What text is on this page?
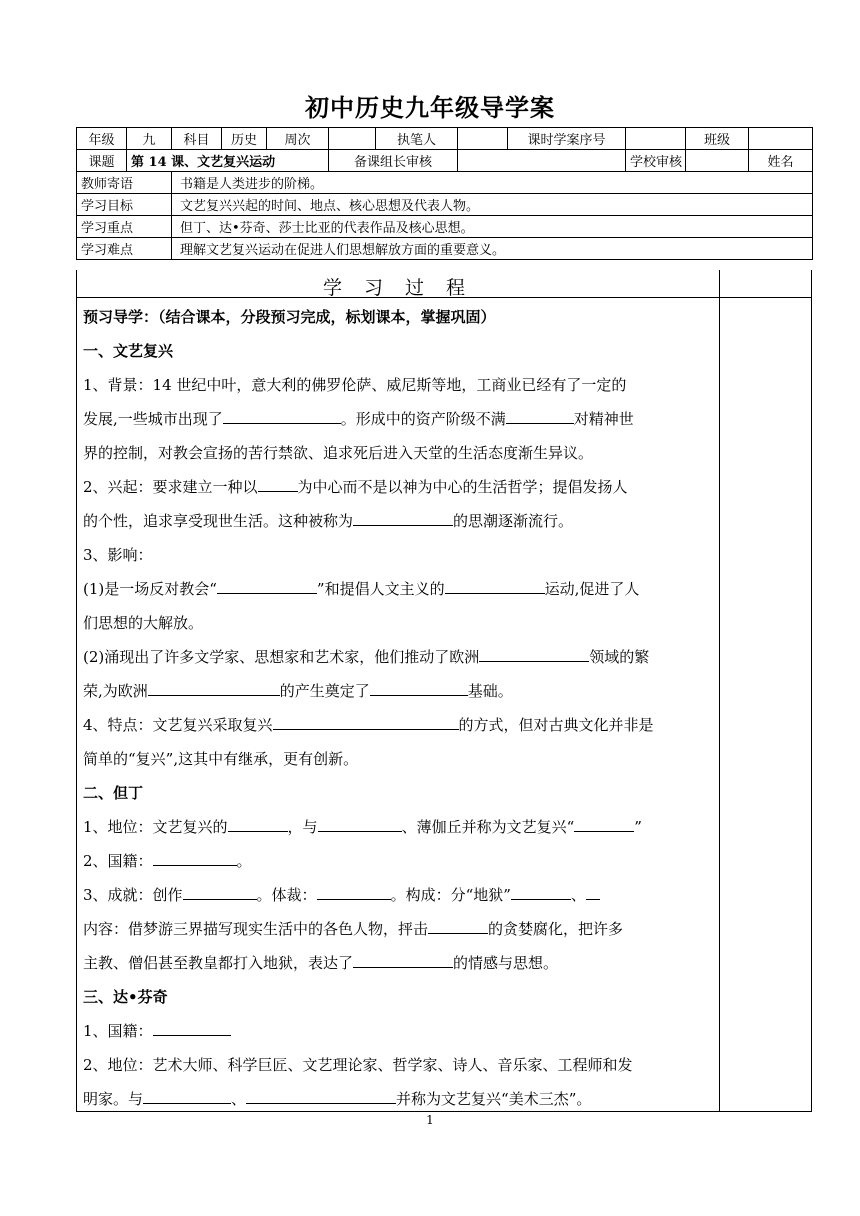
初中历史九年级导学案
年级	九	科目	历史	周次		执笔人		课时学案序号		班级		
课题	第 14 课、文艺复兴运动				备课组长审核				学校审核		姓名	
教师寄语		书籍是人类进步的阶梯。										
学习目标		文艺复兴兴起的时间、地点、核心思想及代表人物。										
学习重点		但丁、达•芬奇、莎士比亚的代表作品及核心思想。										
学习难点		理解文艺复兴运动在促进人们思想解放方面的重要意义。										
学 习 过 程

预习导学：（结合课本，分段预习完成，标划课本，掌握巩固）

一、文艺复兴

1、背景：14 世纪中叶，意大利的佛罗伦萨、威尼斯等地，工商业已经有了一定的

发展,一些城市出现了	。形成中的资产阶级不满	对精神世

界的控制，对教会宣扬的苦行禁欲、追求死后进入天堂的生活态度渐生异议。

2、兴起：要求建立一种以	为中心而不是以神为中心的生活哲学；提倡发扬人

的个性，追求享受现世生活。这种被称为	的思潮逐渐流行。

3、影响：

(1)是一场反对教会“	”和提倡人文主义的	运动,促进了人

们思想的大解放。

(2)涌现出了许多文学家、思想家和艺术家，他们推动了欧洲	领域的繁

荣,为欧洲	的产生奠定了	基础。

4、特点：文艺复兴采取复兴	的方式，但对古典文化并非是

简单的“复兴”,这其中有继承，更有创新。

二、但丁

1、地位：文艺复兴的	，与	、薄伽丘并称为文艺复兴“	”

2、国籍：	。

3、成就：创作	。体裁：	。构成：分“地狱”	、

内容：借梦游三界描写现实生活中的各色人物，抨击	的贪婪腐化，把许多

主教、僧侣甚至教皇都打入地狱，表达了	的情感与思想。

三、达•芬奇

1、国籍：

2、地位：艺术大师、科学巨匠、文艺理论家、哲学家、诗人、音乐家、工程师和发

明家。与	、	并称为文艺复兴“美术三杰”。

1
